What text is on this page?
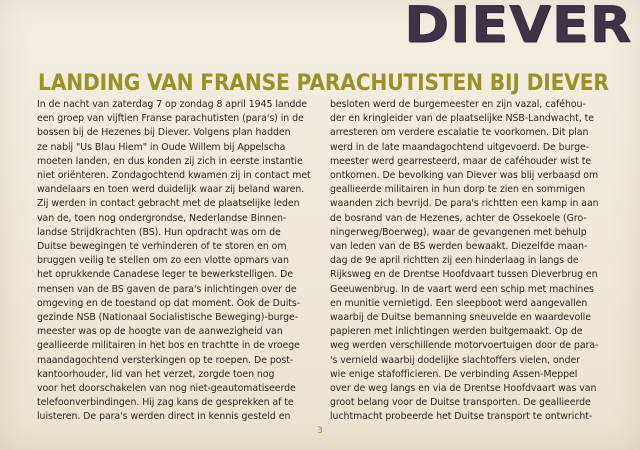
DIEVER
LANDING VAN FRANSE PARACHUTISTEN BIJ DIEVER
In de nacht van zaterdag 7 op zondag 8 april 1945 landde
een groep van vijftien Franse parachutisten (para's) in de
bossen bij de Hezenes bij Diever. Volgens plan hadden
ze nabij "Us Blau Hiem" in Oude Willem bij Appelscha
moeten landen, en dus konden zij zich in eerste instantie
niet oriënteren. Zondagochtend kwamen zij in contact met
wandelaars en toen werd duidelijk waar zij beland waren.
Zij werden in contact gebracht met de plaatselijke leden
van de, toen nog ondergrondse, Nederlandse Binnen-
landse Strijdkrachten (BS). Hun opdracht was om de
Duitse bewegingen te verhinderen of te storen en om
bruggen veilig te stellen om zo een vlotte opmars van
het oprukkende Canadese leger te bewerkstelligen. De
mensen van de BS gaven de para's inlichtingen over de
omgeving en de toestand op dat moment. Ook de Duits-
gezinde NSB (Nationaal Socialistische Beweging)-burge-
meester was op de hoogte van de aanwezigheid van
geallieerde militairen in het bos en trachtte in de vroege
maandagochtend versterkingen op te roepen. De post-
kantoorhouder, lid van het verzet, zorgde toen nog
voor het doorschakelen van nog niet-geautomatiseerde
telefoonverbindingen. Hij zag kans de gesprekken af te
luisteren. De para's werden direct in kennis gesteld en
besloten werd de burgemeester en zijn vazal, caféhou-
der en kringleider van de plaatselijke NSB-Landwacht, te
arresteren om verdere escalatie te voorkomen. Dit plan
werd in de late maandagochtend uitgevoerd. De burge-
meester werd gearresteerd, maar de caféhouder wist te
ontkomen. De bevolking van Diever was blij verbaasd om
geallieerde militairen in hun dorp te zien en sommigen
waanden zich bevrijd. De para's richtten een kamp in aan
de bosrand van de Hezenes, achter de Ossekoele (Gro-
ningerweg/Boerweg), waar de gevangenen met behulp
van leden van de BS werden bewaakt. Diezelfde maan-
dag de 9e april richtten zij een hinderlaag in langs de
Rijksweg en de Drentse Hoofdvaart tussen Dieverbrug en
Geeuwenbrug. In de vaart werd een schip met machines
en munitie vernietigd. Een sleepboot werd aangevallen
waarbij de Duitse bemanning sneuvelde en waardevolle
papieren met inlichtingen werden buitgemaakt. Op de
weg werden verschillende motorvoertuigen door de para-
's vernield waarbij dodelijke slachtoffers vielen, onder
wie enige stafofficieren. De verbinding Assen-Meppel
over de weg langs en via de Drentse Hoofdvaart was van
groot belang voor de Duitse transporten. De geallieerde
luchtmacht probeerde het Duitse transport te ontwricht-
3
